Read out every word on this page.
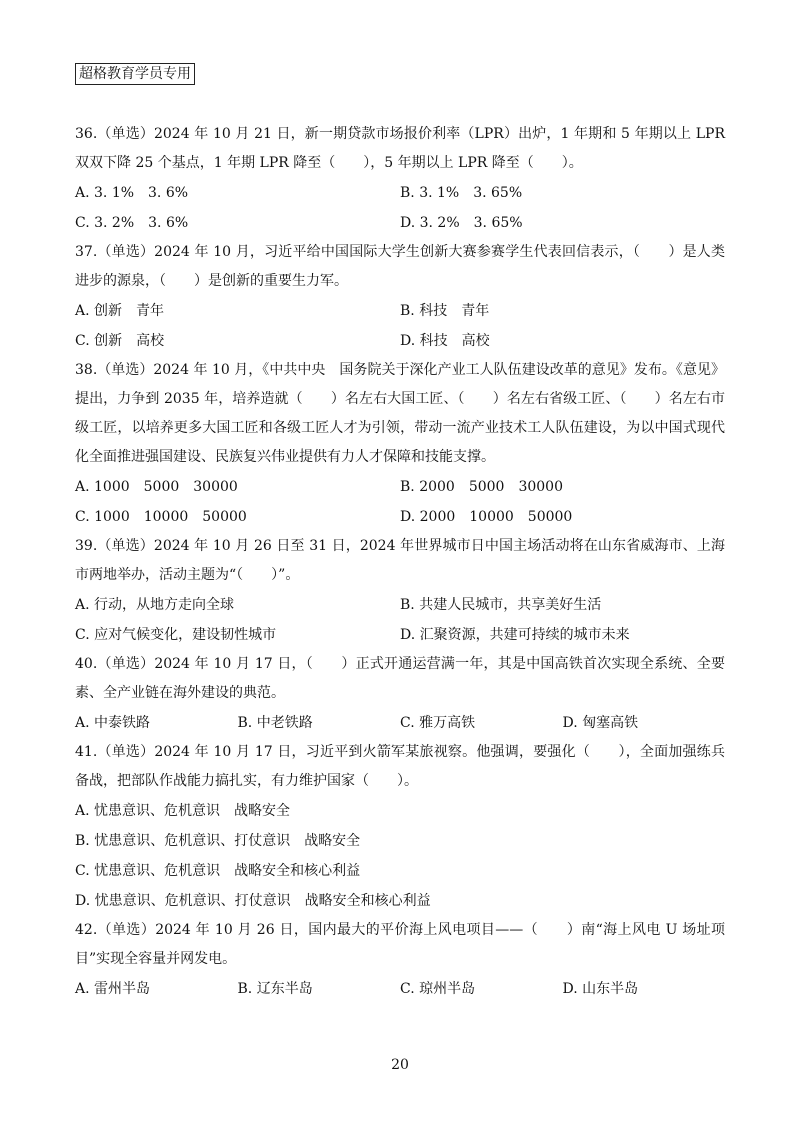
超格教育学员专用

36.（单选）2024 年 10 月 21 日，新一期贷款市场报价利率（LPR）出炉，1 年期和 5 年期以上 LPR 双双下降 25 个基点，1 年期 LPR 降至（　　），5 年期以上 LPR 降至（　　）。

A. 3. 1%　3. 6%	B. 3. 1%　3. 65%
C. 3. 2%　3. 6%	D. 3. 2%　3. 65%

37.（单选）2024 年 10 月，习近平给中国国际大学生创新大赛参赛学生代表回信表示，（　　）是人类进步的源泉，（　　）是创新的重要生力军。

A. 创新　青年	B. 科技　青年
C. 创新　高校	D. 科技　高校

38.（单选）2024 年 10 月，《中共中央　国务院关于深化产业工人队伍建设改革的意见》发布。《意见》提出，力争到 2035 年，培养造就（　　）名左右大国工匠、（　　）名左右省级工匠、（　　）名左右市级工匠，以培养更多大国工匠和各级工匠人才为引领，带动一流产业技术工人队伍建设，为以中国式现代化全面推进强国建设、民族复兴伟业提供有力人才保障和技能支撑。

A. 1000　5000　30000	B. 2000　5000　30000
C. 1000　10000　50000	D. 2000　10000　50000

39.（单选）2024 年 10 月 26 日至 31 日，2024 年世界城市日中国主场活动将在山东省威海市、上海市两地举办，活动主题为“（　　）”。

A. 行动，从地方走向全球	B. 共建人民城市，共享美好生活
C. 应对气候变化，建设韧性城市	D. 汇聚资源，共建可持续的城市未来

40.（单选）2024 年 10 月 17 日，（　　）正式开通运营满一年，其是中国高铁首次实现全系统、全要素、全产业链在海外建设的典范。

A. 中泰铁路	B. 中老铁路	C. 雅万高铁	D. 匈塞高铁

41.（单选）2024 年 10 月 17 日，习近平到火箭军某旅视察。他强调，要强化（　　），全面加强练兵备战，把部队作战能力搞扎实，有力维护国家（　　）。

A. 忧患意识、危机意识　战略安全
B. 忧患意识、危机意识、打仗意识　战略安全
C. 忧患意识、危机意识　战略安全和核心利益
D. 忧患意识、危机意识、打仗意识　战略安全和核心利益

42.（单选）2024 年 10 月 26 日，国内最大的平价海上风电项目——（　　）南“海上风电 U 场址项目”实现全容量并网发电。

A. 雷州半岛	B. 辽东半岛	C. 琼州半岛	D. 山东半岛
20
